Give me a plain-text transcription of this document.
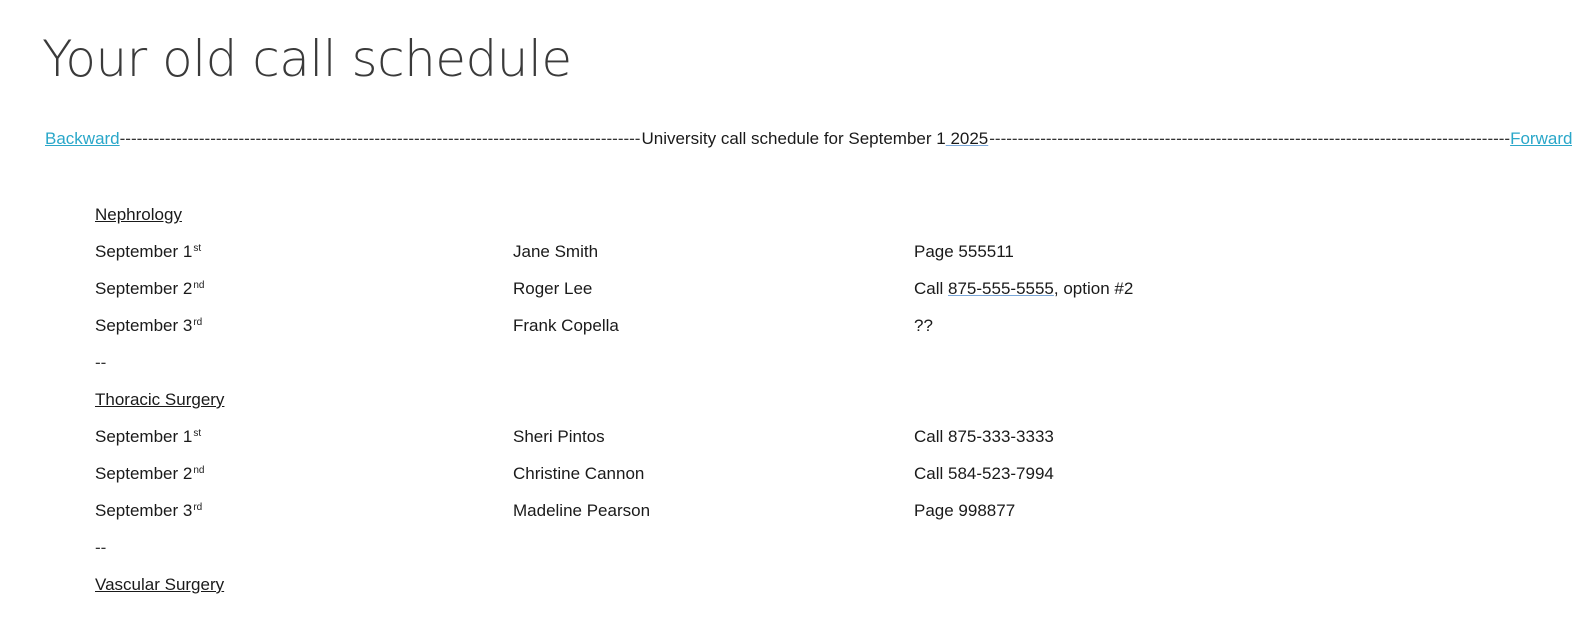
Your old call schedule
Backward -------------------------------------------------------------------------------------------- University call schedule for September 1 2025 -------------------------------------------------------------------------------------------- Forward
Nephrology
September 1st	Jane Smith	Page 555511
September 2nd	Roger Lee	Call 875-555-5555, option #2
September 3rd	Frank Copella	??
--
Thoracic Surgery
September 1st	Sheri Pintos	Call 875-333-3333
September 2nd	Christine Cannon	Call 584-523-7994
September 3rd	Madeline Pearson	Page 998877
--
Vascular Surgery
